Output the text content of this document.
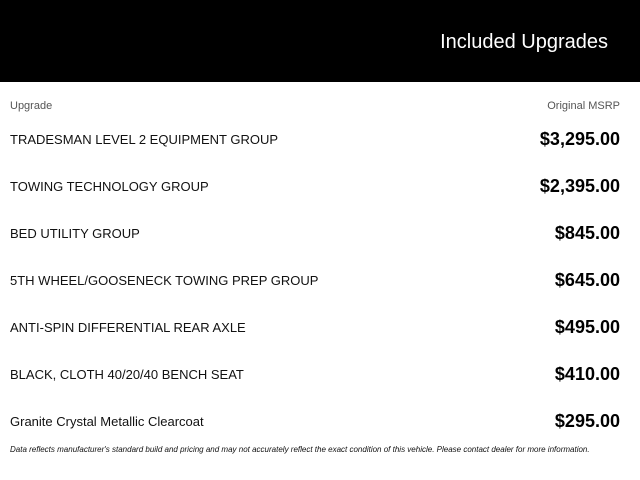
Included Upgrades
Upgrade	Original MSRP
TRADESMAN LEVEL 2 EQUIPMENT GROUP	$3,295.00
TOWING TECHNOLOGY GROUP	$2,395.00
BED UTILITY GROUP	$845.00
5TH WHEEL/GOOSENECK TOWING PREP GROUP	$645.00
ANTI-SPIN DIFFERENTIAL REAR AXLE	$495.00
BLACK, CLOTH 40/20/40 BENCH SEAT	$410.00
Granite Crystal Metallic Clearcoat	$295.00
Data reflects manufacturer's standard build and pricing and may not accurately reflect the exact condition of this vehicle. Please contact dealer for more information.
